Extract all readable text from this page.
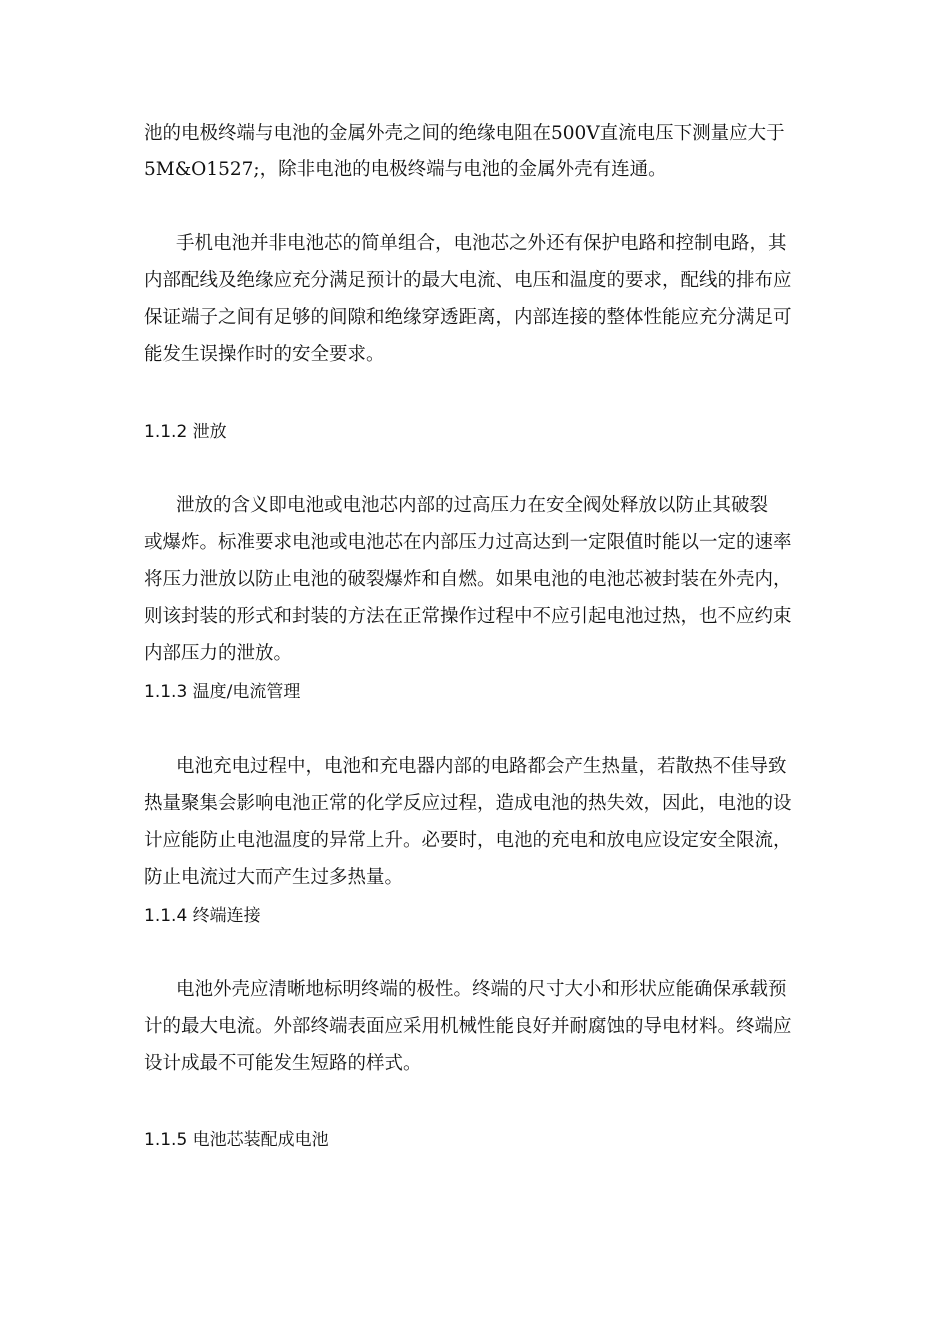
池的电极终端与电池的金属外壳之间的绝缘电阻在500V直流电压下测量应大于
5M&O1527;，除非电池的电极终端与电池的金属外壳有连通。
手机电池并非电池芯的简单组合，电池芯之外还有保护电路和控制电路，其
内部配线及绝缘应充分满足预计的最大电流、电压和温度的要求，配线的排布应
保证端子之间有足够的间隙和绝缘穿透距离，内部连接的整体性能应充分满足可
能发生误操作时的安全要求。
1.1.2 泄放
泄放的含义即电池或电池芯内部的过高压力在安全阀处释放以防止其破裂
或爆炸。标准要求电池或电池芯在内部压力过高达到一定限值时能以一定的速率
将压力泄放以防止电池的破裂爆炸和自燃。如果电池的电池芯被封装在外壳内，
则该封装的形式和封装的方法在正常操作过程中不应引起电池过热，也不应约束
内部压力的泄放。
1.1.3 温度/电流管理
电池充电过程中，电池和充电器内部的电路都会产生热量，若散热不佳导致
热量聚集会影响电池正常的化学反应过程，造成电池的热失效，因此，电池的设
计应能防止电池温度的异常上升。必要时，电池的充电和放电应设定安全限流，
防止电流过大而产生过多热量。
1.1.4 终端连接
电池外壳应清晰地标明终端的极性。终端的尺寸大小和形状应能确保承载预
计的最大电流。外部终端表面应采用机械性能良好并耐腐蚀的导电材料。终端应
设计成最不可能发生短路的样式。
1.1.5 电池芯装配成电池
